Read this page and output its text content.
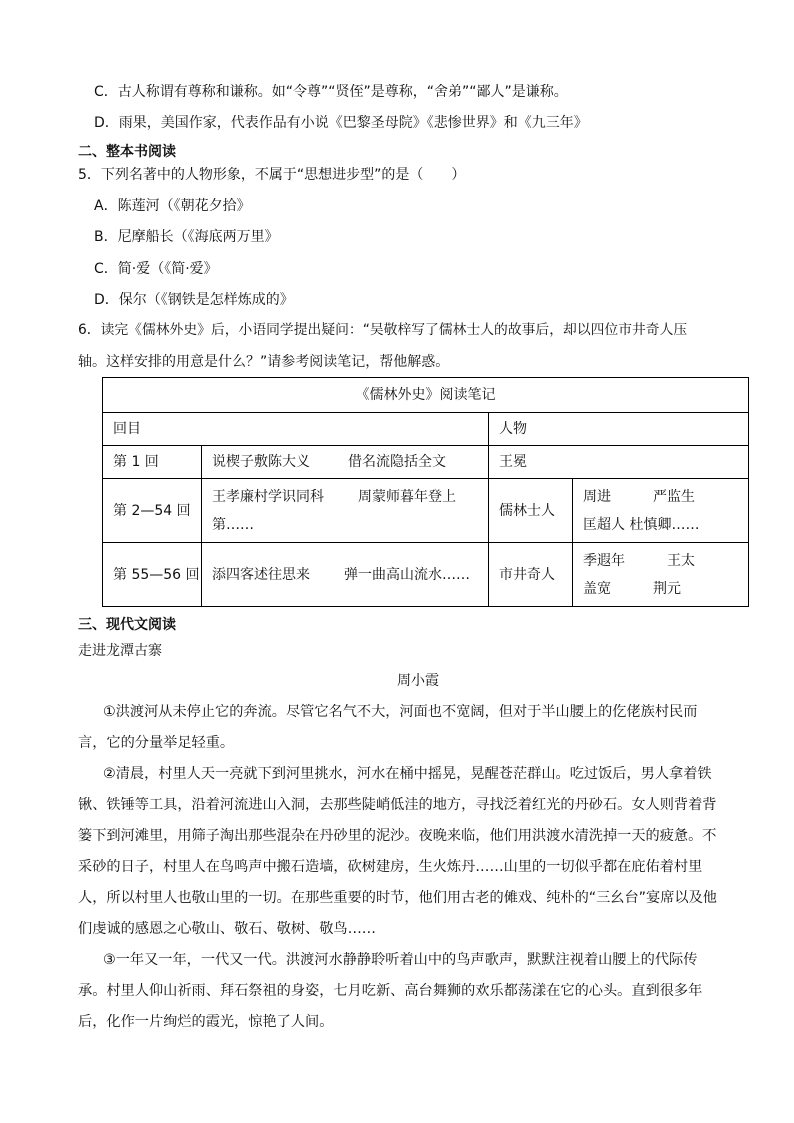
C．古人称谓有尊称和谦称。如“令尊”“贤侄”是尊称，“舍弟”“鄙人”是谦称。
D．雨果，美国作家，代表作品有小说《巴黎圣母院》《悲惨世界》和《九三年》
二、整本书阅读
5．下列名著中的人物形象，不属于“思想进步型”的是（　　）
A．陈莲河（《朝花夕拾》
B．尼摩船长（《海底两万里》
C．简·爱（《简·爱》
D．保尔（《钢铁是怎样炼成的》
6．读完《儒林外史》后，小语同学提出疑问：“吴敬梓写了儒林士人的故事后，却以四位市井奇人压
轴。这样安排的用意是什么？”请参考阅读笔记，帮他解惑。
《儒林外史》阅读笔记			
回目		人物	
第 1 回	说楔子敷陈大义 借名流隐括全文	王冕	
第 2—54 回	王孝廉村学识同科 周蒙师暮年登上第……	儒林士人	周进　　　严监生
匡超人 杜慎卿……

第 55—56 回	添四客述往思来 弹一曲高山流水……	市井奇人	季遐年　　　王太
盖宽　　　荆元
三、现代文阅读
走进龙潭古寨
周小霞
①洪渡河从未停止它的奔流。尽管它名气不大，河面也不宽阔，但对于半山腰上的仡佬族村民而
言，它的分量举足轻重。
②清晨，村里人天一亮就下到河里挑水，河水在桶中摇晃，晃醒苍茫群山。吃过饭后，男人拿着铁
锹、铁锤等工具，沿着河流进山入洞，去那些陡峭低洼的地方，寻找泛着红光的丹砂石。女人则背着背
篓下到河滩里，用筛子淘出那些混杂在丹砂里的泥沙。夜晚来临，他们用洪渡水清洗掉一天的疲惫。不
采砂的日子，村里人在鸟鸣声中搬石造墙，砍树建房，生火炼丹……山里的一切似乎都在庇佑着村里
人，所以村里人也敬山里的一切。在那些重要的时节，他们用古老的傩戏、纯朴的“三幺台”宴席以及他
们虔诚的感恩之心敬山、敬石、敬树、敬鸟……
③一年又一年，一代又一代。洪渡河水静静聆听着山中的鸟声歌声，默默注视着山腰上的代际传
承。村里人仰山祈雨、拜石祭祖的身姿，七月吃新、高台舞狮的欢乐都荡漾在它的心头。直到很多年
后，化作一片绚烂的霞光，惊艳了人间。
